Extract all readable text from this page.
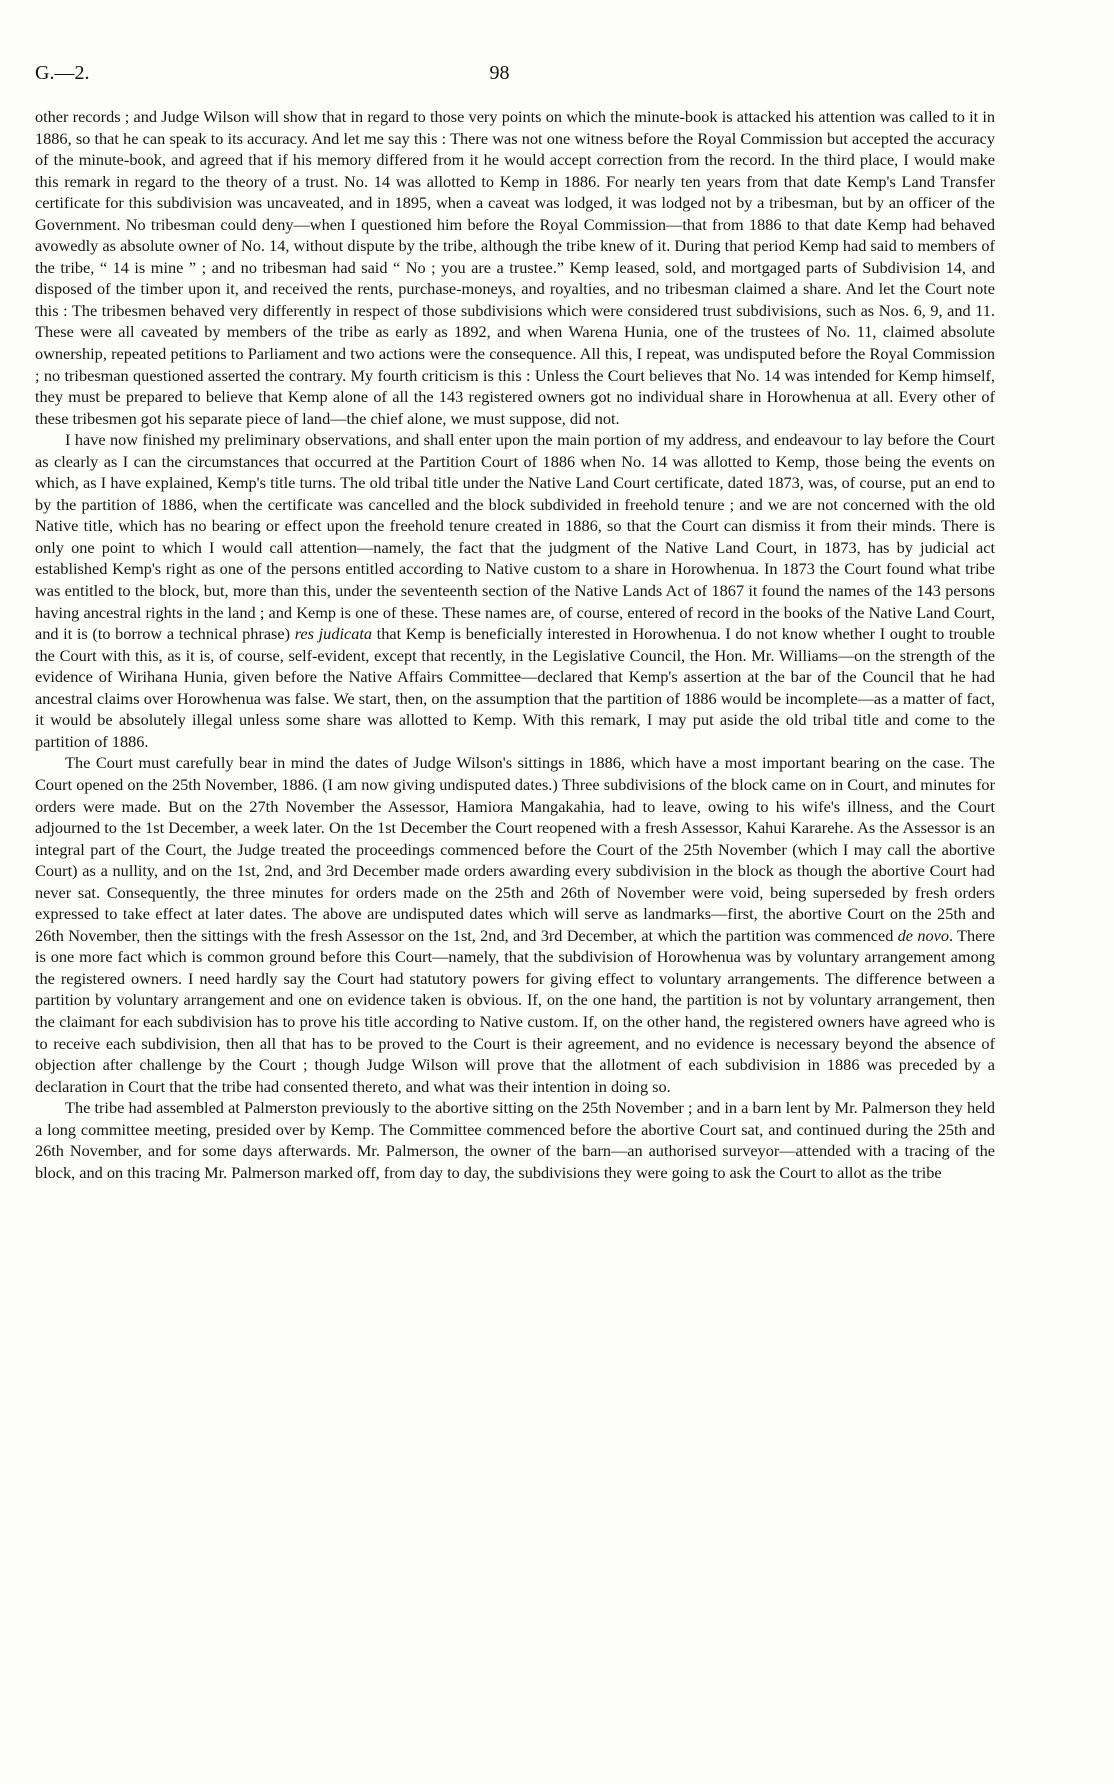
G.—2.	98

other records ; and Judge Wilson will show that in regard to those very points on which the minute-book is attacked his attention was called to it in 1886, so that he can speak to its accuracy. And let me say this : There was not one witness before the Royal Commission but accepted the accuracy of the minute-book, and agreed that if his memory differed from it he would accept correction from the record. In the third place, I would make this remark in regard to the theory of a trust. No. 14 was allotted to Kemp in 1886. For nearly ten years from that date Kemp's Land Transfer certificate for this subdivision was uncaveated, and in 1895, when a caveat was lodged, it was lodged not by a tribesman, but by an officer of the Government. No tribesman could deny—when I questioned him before the Royal Commission—that from 1886 to that date Kemp had behaved avowedly as absolute owner of No. 14, without dispute by the tribe, although the tribe knew of it. During that period Kemp had said to members of the tribe, “ 14 is mine ” ; and no tribesman had said “ No ; you are a trustee.” Kemp leased, sold, and mortgaged parts of Subdivision 14, and disposed of the timber upon it, and received the rents, purchase-moneys, and royalties, and no tribesman claimed a share. And let the Court note this : The tribesmen behaved very differently in respect of those subdivisions which were considered trust subdivisions, such as Nos. 6, 9, and 11. These were all caveated by members of the tribe as early as 1892, and when Warena Hunia, one of the trustees of No. 11, claimed absolute ownership, repeated petitions to Parliament and two actions were the consequence. All this, I repeat, was undisputed before the Royal Commission ; no tribesman questioned asserted the contrary. My fourth criticism is this : Unless the Court believes that No. 14 was intended for Kemp himself, they must be prepared to believe that Kemp alone of all the 143 registered owners got no individual share in Horowhenua at all. Every other of these tribesmen got his separate piece of land—the chief alone, we must suppose, did not.

I have now finished my preliminary observations, and shall enter upon the main portion of my address, and endeavour to lay before the Court as clearly as I can the circumstances that occurred at the Partition Court of 1886 when No. 14 was allotted to Kemp, those being the events on which, as I have explained, Kemp's title turns. The old tribal title under the Native Land Court certificate, dated 1873, was, of course, put an end to by the partition of 1886, when the certificate was cancelled and the block subdivided in freehold tenure ; and we are not concerned with the old Native title, which has no bearing or effect upon the freehold tenure created in 1886, so that the Court can dismiss it from their minds. There is only one point to which I would call attention—namely, the fact that the judgment of the Native Land Court, in 1873, has by judicial act established Kemp's right as one of the persons entitled according to Native custom to a share in Horowhenua. In 1873 the Court found what tribe was entitled to the block, but, more than this, under the seventeenth section of the Native Lands Act of 1867 it found the names of the 143 persons having ancestral rights in the land ; and Kemp is one of these. These names are, of course, entered of record in the books of the Native Land Court, and it is (to borrow a technical phrase) res judicata that Kemp is beneficially interested in Horowhenua. I do not know whether I ought to trouble the Court with this, as it is, of course, self-evident, except that recently, in the Legislative Council, the Hon. Mr. Williams—on the strength of the evidence of Wirihana Hunia, given before the Native Affairs Committee—declared that Kemp's assertion at the bar of the Council that he had ancestral claims over Horowhenua was false. We start, then, on the assumption that the partition of 1886 would be incomplete—as a matter of fact, it would be absolutely illegal unless some share was allotted to Kemp. With this remark, I may put aside the old tribal title and come to the partition of 1886.

The Court must carefully bear in mind the dates of Judge Wilson's sittings in 1886, which have a most important bearing on the case. The Court opened on the 25th November, 1886. (I am now giving undisputed dates.) Three subdivisions of the block came on in Court, and minutes for orders were made. But on the 27th November the Assessor, Hamiora Mangakahia, had to leave, owing to his wife's illness, and the Court adjourned to the 1st December, a week later. On the 1st December the Court reopened with a fresh Assessor, Kahui Kararehe. As the Assessor is an integral part of the Court, the Judge treated the proceedings commenced before the Court of the 25th November (which I may call the abortive Court) as a nullity, and on the 1st, 2nd, and 3rd December made orders awarding every subdivision in the block as though the abortive Court had never sat. Consequently, the three minutes for orders made on the 25th and 26th of November were void, being superseded by fresh orders expressed to take effect at later dates. The above are undisputed dates which will serve as landmarks—first, the abortive Court on the 25th and 26th November, then the sittings with the fresh Assessor on the 1st, 2nd, and 3rd December, at which the partition was commenced de novo. There is one more fact which is common ground before this Court—namely, that the subdivision of Horowhenua was by voluntary arrangement among the registered owners. I need hardly say the Court had statutory powers for giving effect to voluntary arrangements. The difference between a partition by voluntary arrangement and one on evidence taken is obvious. If, on the one hand, the partition is not by voluntary arrangement, then the claimant for each subdivision has to prove his title according to Native custom. If, on the other hand, the registered owners have agreed who is to receive each subdivision, then all that has to be proved to the Court is their agreement, and no evidence is necessary beyond the absence of objection after challenge by the Court ; though Judge Wilson will prove that the allotment of each subdivision in 1886 was preceded by a declaration in Court that the tribe had consented thereto, and what was their intention in doing so.

The tribe had assembled at Palmerston previously to the abortive sitting on the 25th November ; and in a barn lent by Mr. Palmerson they held a long committee meeting, presided over by Kemp. The Committee commenced before the abortive Court sat, and continued during the 25th and 26th November, and for some days afterwards. Mr. Palmerson, the owner of the barn—an authorised surveyor—attended with a tracing of the block, and on this tracing Mr. Palmerson marked off, from day to day, the subdivisions they were going to ask the Court to allot as the tribe
